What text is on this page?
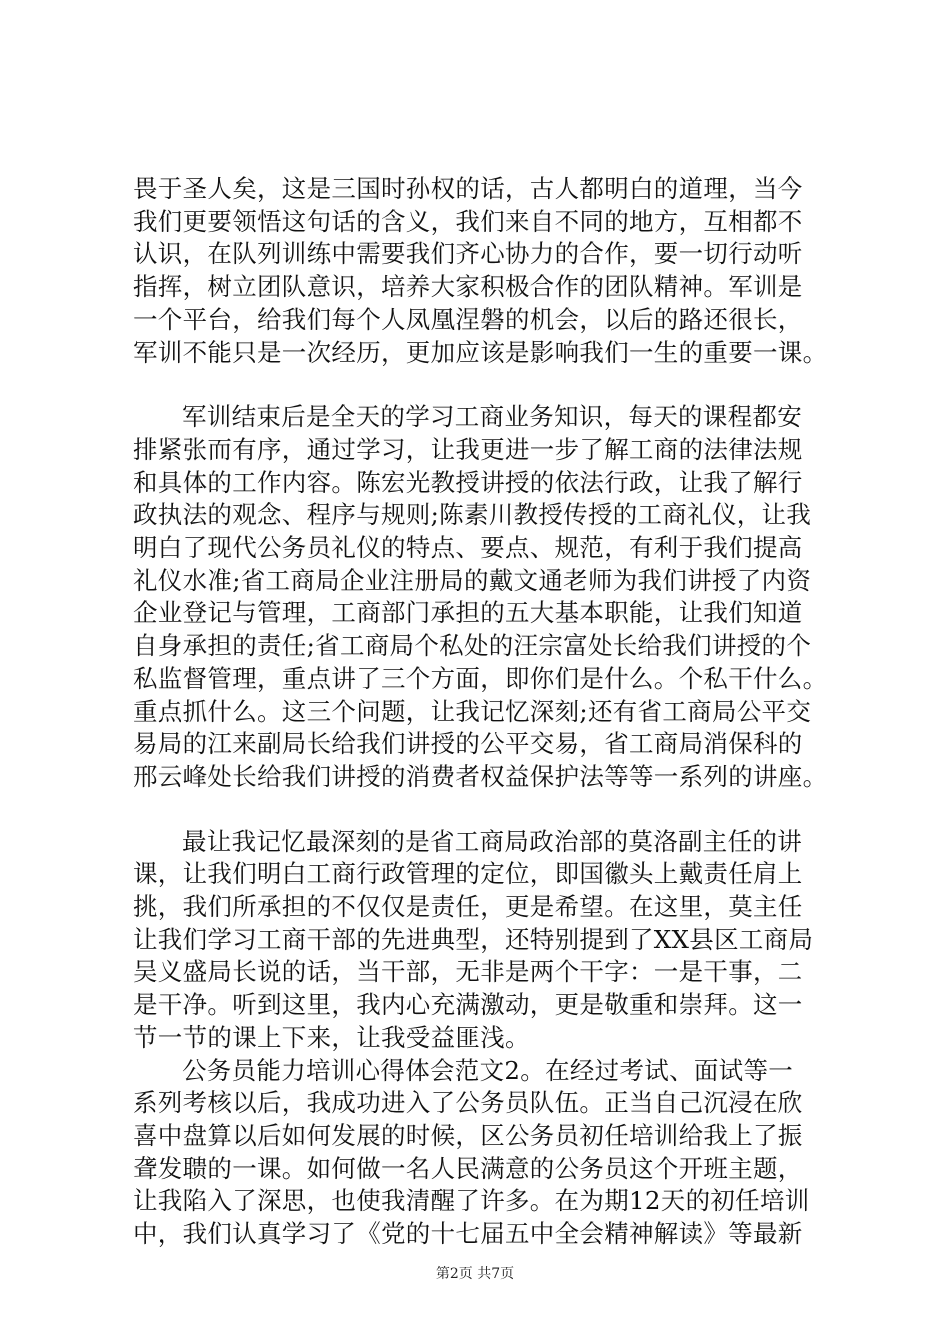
畏于圣人矣，这是三国时孙权的话，古人都明白的道理，当今
我们更要领悟这句话的含义，我们来自不同的地方，互相都不
认识，在队列训练中需要我们齐心协力的合作，要一切行动听
指挥，树立团队意识，培养大家积极合作的团队精神。军训是
一个平台，给我们每个人凤凰涅磐的机会，以后的路还很长，
军训不能只是一次经历，更加应该是影响我们一生的重要一课。
军训结束后是全天的学习工商业务知识，每天的课程都安
排紧张而有序，通过学习，让我更进一步了解工商的法律法规
和具体的工作内容。陈宏光教授讲授的依法行政，让我了解行
政执法的观念、程序与规则;陈素川教授传授的工商礼仪，让我
明白了现代公务员礼仪的特点、要点、规范，有利于我们提高
礼仪水准;省工商局企业注册局的戴文通老师为我们讲授了内资
企业登记与管理，工商部门承担的五大基本职能，让我们知道
自身承担的责任;省工商局个私处的汪宗富处长给我们讲授的个
私监督管理，重点讲了三个方面，即你们是什么。个私干什么。
重点抓什么。这三个问题，让我记忆深刻;还有省工商局公平交
易局的江来副局长给我们讲授的公平交易，省工商局消保科的
邢云峰处长给我们讲授的消费者权益保护法等等一系列的讲座。
最让我记忆最深刻的是省工商局政治部的莫洛副主任的讲
课，让我们明白工商行政管理的定位，即国徽头上戴责任肩上
挑，我们所承担的不仅仅是责任，更是希望。在这里，莫主任
让我们学习工商干部的先进典型，还特别提到了XX县区工商局
吴义盛局长说的话，当干部，无非是两个干字：一是干事，二
是干净。听到这里，我内心充满激动，更是敬重和崇拜。这一
节一节的课上下来，让我受益匪浅。
公务员能力培训心得体会范文2。在经过考试、面试等一
系列考核以后，我成功进入了公务员队伍。正当自己沉浸在欣
喜中盘算以后如何发展的时候，区公务员初任培训给我上了振
聋发聩的一课。如何做一名人民满意的公务员这个开班主题，
让我陷入了深思，也使我清醒了许多。在为期12天的初任培训
中，我们认真学习了《党的十七届五中全会精神解读》等最新
第2页 共7页
